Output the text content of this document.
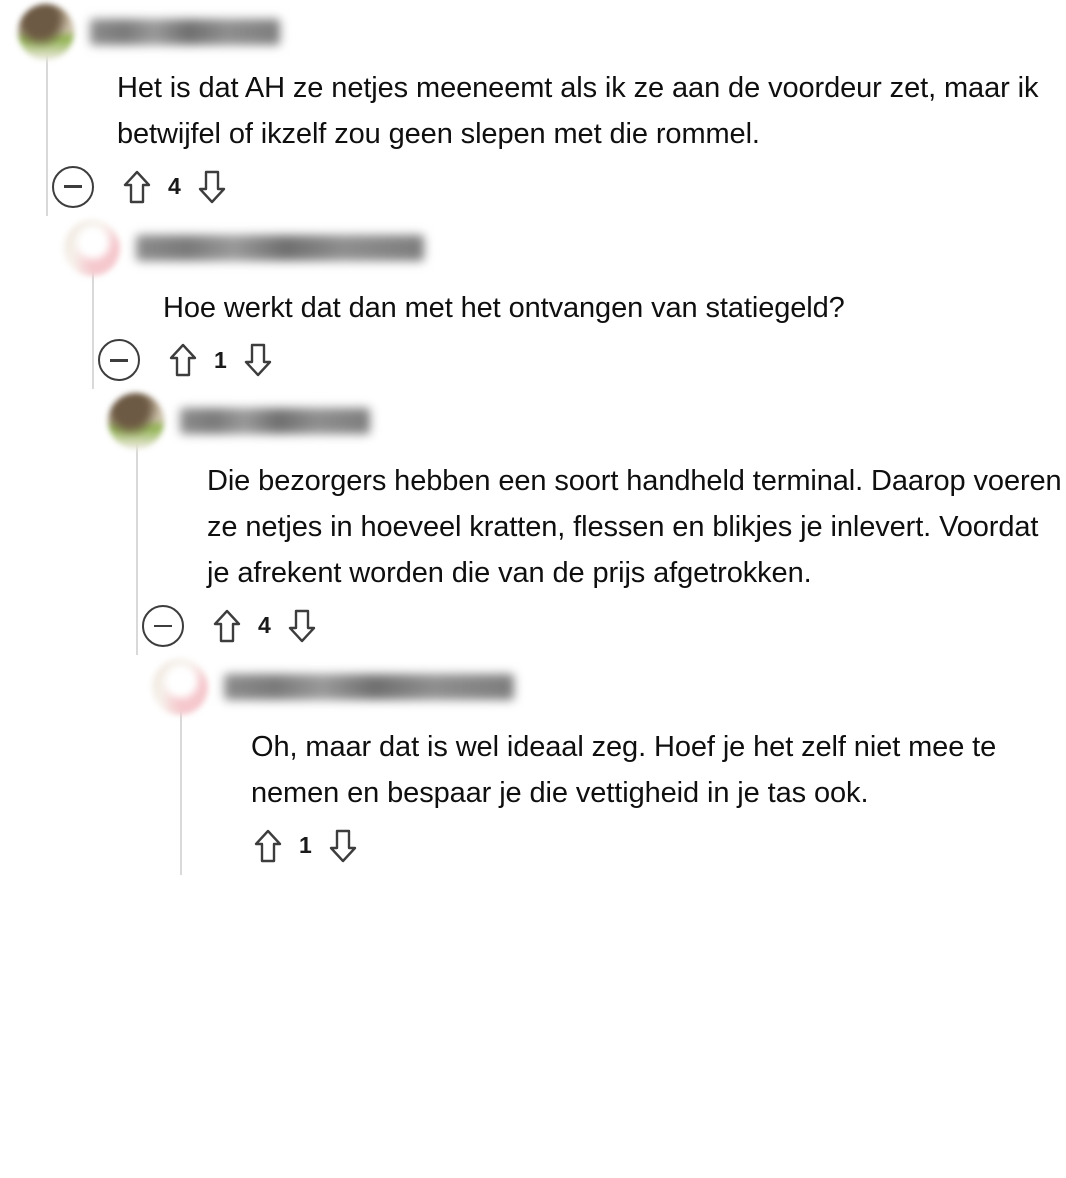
Het is dat AH ze netjes meeneemt als ik ze aan de voordeur zet, maar ik betwijfel of ikzelf zou geen slepen met die rommel.
4
Hoe werkt dat dan met het ontvangen van statiegeld?
1
Die bezorgers hebben een soort handheld terminal. Daarop voeren ze netjes in hoeveel kratten, flessen en blikjes je inlevert. Voordat je afrekent worden die van de prijs afgetrokken.
4
Oh, maar dat is wel ideaal zeg. Hoef je het zelf niet mee te nemen en bespaar je die vettigheid in je tas ook.
1
